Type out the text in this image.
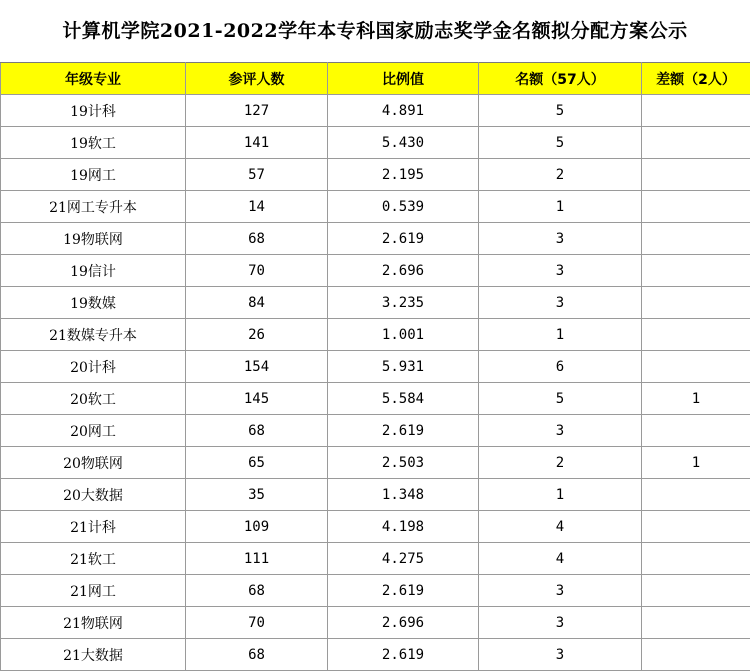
计算机学院2021-2022学年本专科国家励志奖学金名额拟分配方案公示
年级专业	参评人数	比例值	名额（57人）	差额（2人）
19计科	127	4.891	5	
19软工	141	5.430	5	
19网工	57	2.195	2	
21网工专升本	14	0.539	1	
19物联网	68	2.619	3	
19信计	70	2.696	3	
19数媒	84	3.235	3	
21数媒专升本	26	1.001	1	
20计科	154	5.931	6	
20软工	145	5.584	5	1
20网工	68	2.619	3	
20物联网	65	2.503	2	1
20大数据	35	1.348	1	
21计科	109	4.198	4	
21软工	111	4.275	4	
21网工	68	2.619	3	
21物联网	70	2.696	3	
21大数据	68	2.619	3	
